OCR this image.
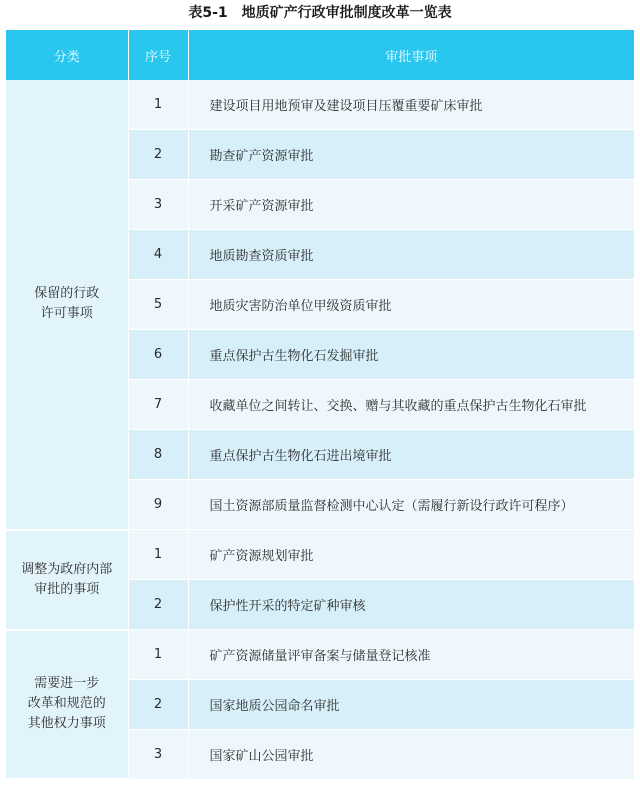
表5-1　地质矿产行政审批制度改革一览表
分类	序号	审批事项
保留的行政
许可事项	1	建设项目用地预审及建设项目压覆重要矿床审批
	2	勘查矿产资源审批
	3	开采矿产资源审批
	4	地质勘查资质审批
	5	地质灾害防治单位甲级资质审批
	6	重点保护古生物化石发掘审批
	7	收藏单位之间转让、交换、赠与其收藏的重点保护古生物化石审批
	8	重点保护古生物化石进出境审批
	9	国土资源部质量监督检测中心认定（需履行新设行政许可程序）
调整为政府内部
审批的事项	1	矿产资源规划审批
	2	保护性开采的特定矿种审核
需要进一步
改革和规范的
其他权力事项	1	矿产资源储量评审备案与储量登记核准
	2	国家地质公园命名审批
	3	国家矿山公园审批
